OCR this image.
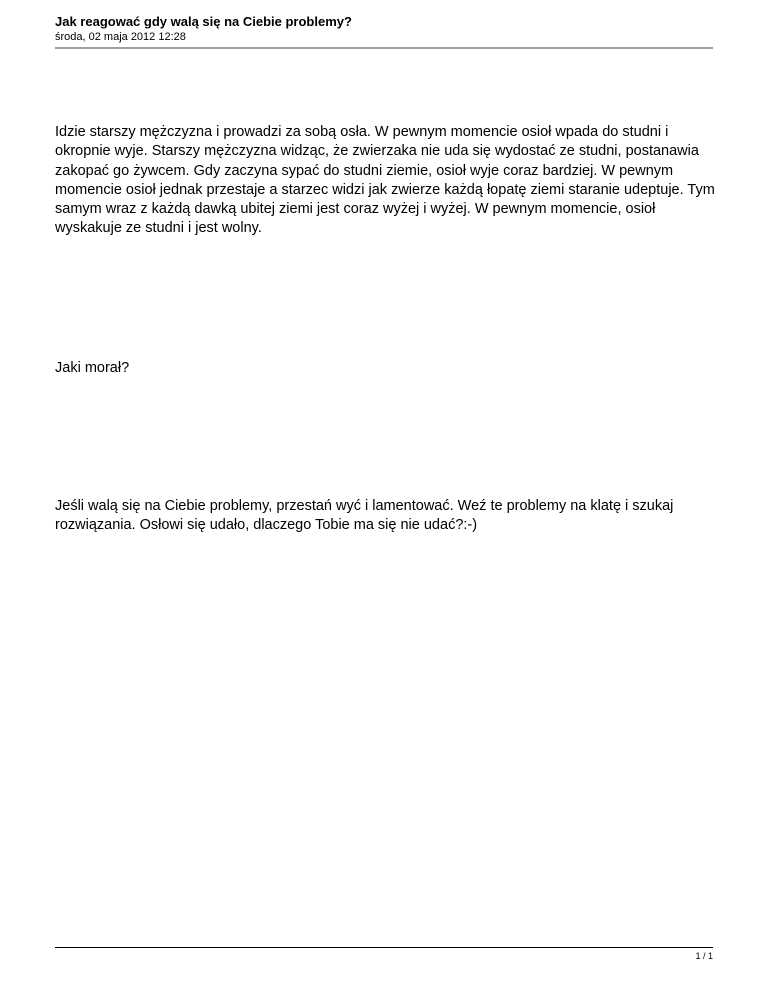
Jak reagować gdy walą się na Ciebie problemy?

środa, 02 maja 2012 12:28

Idzie starszy mężczyzna i prowadzi za sobą osła. W pewnym momencie osioł wpada do studni i okropnie wyje. Starszy mężczyzna widząc, że zwierzaka nie uda się wydostać ze studni, postanawia zakopać go żywcem. Gdy zaczyna sypać do studni ziemie, osioł wyje coraz bardziej. W pewnym momencie osioł jednak przestaje a starzec widzi jak zwierze każdą łopatę ziemi staranie udeptuje. Tym samym wraz z każdą dawką ubitej ziemi jest coraz wyżej i wyżej. W pewnym momencie, osioł wyskakuje ze studni i jest wolny.

Jaki morał?

Jeśli walą się na Ciebie problemy, przestań wyć i lamentować. Weź te problemy na klatę i szukaj rozwiązania. Osłowi się udało, dlaczego Tobie ma się nie udać?:-)

1 / 1
